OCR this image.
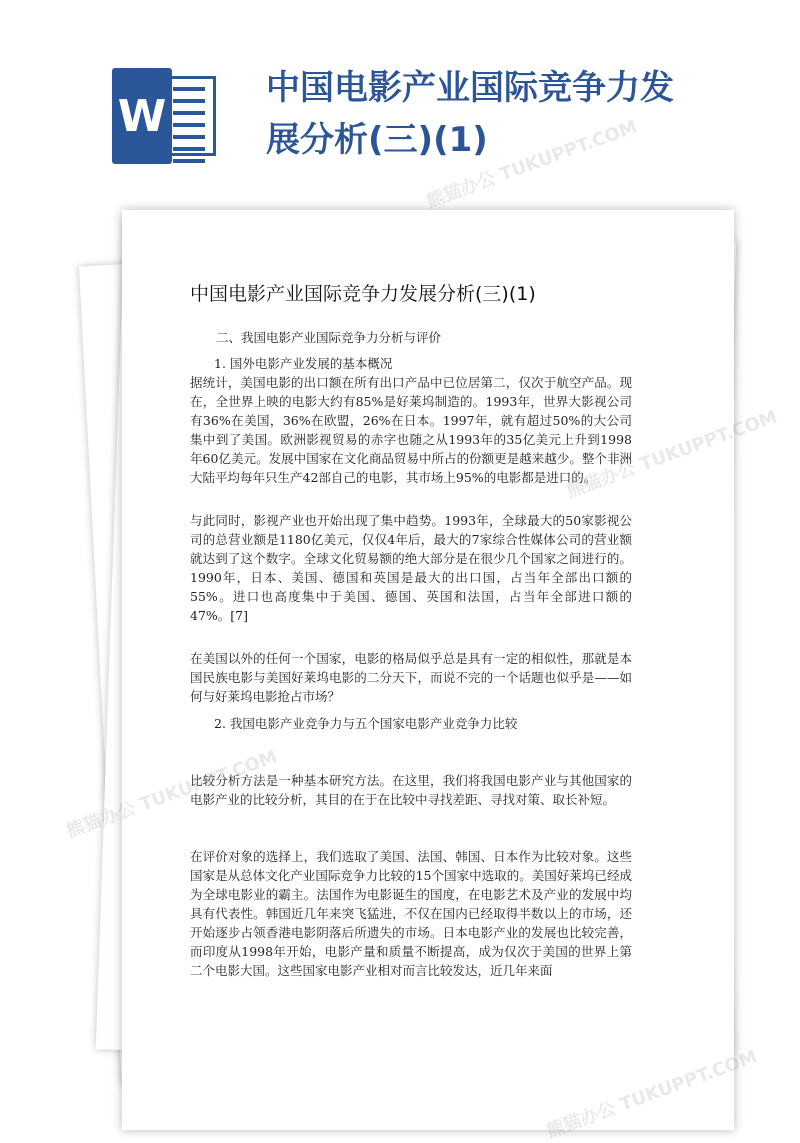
W
中国电影产业国际竞争力发展分析(三)(1)
中国电影产业国际竞争力发展分析(三)(1)

二、我国电影产业国际竞争力分析与评价

1. 国外电影产业发展的基本概况

据统计，美国电影的出口额在所有出口产品中已位居第二，仅次于航空产品。现在，全世界上映的电影大约有85%是好莱坞制造的。1993年，世界大影视公司有36%在美国，36%在欧盟，26%在日本。1997年，就有超过50%的大公司集中到了美国。欧洲影视贸易的赤字也随之从1993年的35亿美元上升到1998年60亿美元。发展中国家在文化商品贸易中所占的份额更是越来越少。整个非洲大陆平均每年只生产42部自己的电影，其市场上95%的电影都是进口的。

与此同时，影视产业也开始出现了集中趋势。1993年，全球最大的50家影视公司的总营业额是1180亿美元，仅仅4年后，最大的7家综合性媒体公司的营业额就达到了这个数字。全球文化贸易额的绝大部分是在很少几个国家之间进行的。1990年，日本、美国、德国和英国是最大的出口国，占当年全部出口额的55%。进口也高度集中于美国、德国、英国和法国，占当年全部进口额的47%。[7]

在美国以外的任何一个国家，电影的格局似乎总是具有一定的相似性，那就是本国民族电影与美国好莱坞电影的二分天下，而说不完的一个话题也似乎是——如何与好莱坞电影抢占市场？

2. 我国电影产业竞争力与五个国家电影产业竞争力比较

比较分析方法是一种基本研究方法。在这里，我们将我国电影产业与其他国家的电影产业的比较分析，其目的在于在比较中寻找差距、寻找对策、取长补短。

在评价对象的选择上，我们选取了美国、法国、韩国、日本作为比较对象。这些国家是从总体文化产业国际竞争力比较的15个国家中选取的。美国好莱坞已经成为全球电影业的霸主。法国作为电影诞生的国度，在电影艺术及产业的发展中均具有代表性。韩国近几年来突飞猛进，不仅在国内已经取得半数以上的市场，还开始逐步占领香港电影阴落后所遗失的市场。日本电影产业的发展也比较完善，而印度从1998年开始，电影产量和质量不断提高，成为仅次于美国的世界上第二个电影大国。这些国家电影产业相对而言比较发达，近几年来面

熊猫办公 TUKUPPT.COM
熊猫办公
